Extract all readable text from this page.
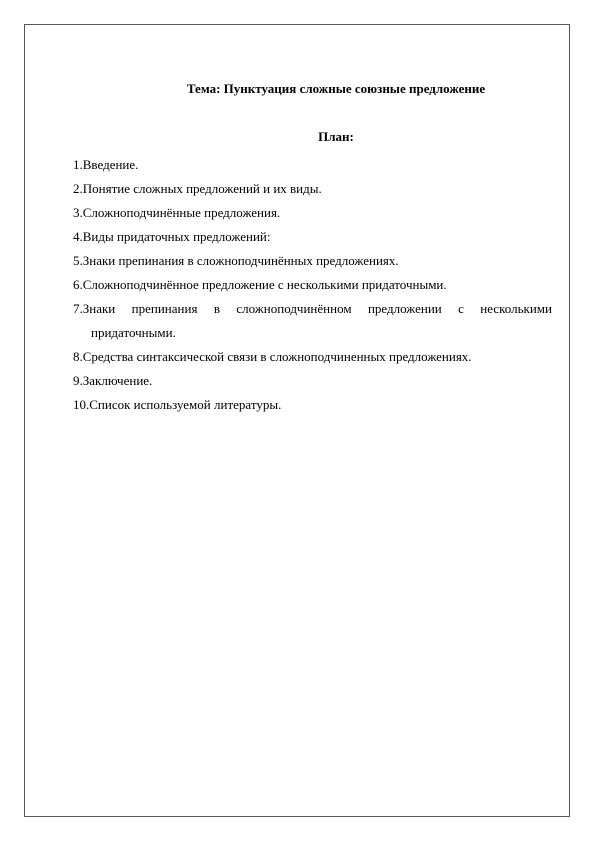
Тема: Пунктуация сложные союзные предложение
План:
1.Введение.
2.Понятие сложных предложений и их виды.
3.Сложноподчинённые предложения.
4.Виды придаточных предложений:
5.Знаки препинания в сложноподчинённых предложениях.
6.Сложноподчинённое предложение с несколькими придаточными.
7.Знаки препинания в сложноподчинённом предложении с несколькими придаточными.
8.Средства синтаксической связи в сложноподчиненных предложениях.
9.Заключение.
10.Список используемой литературы.
